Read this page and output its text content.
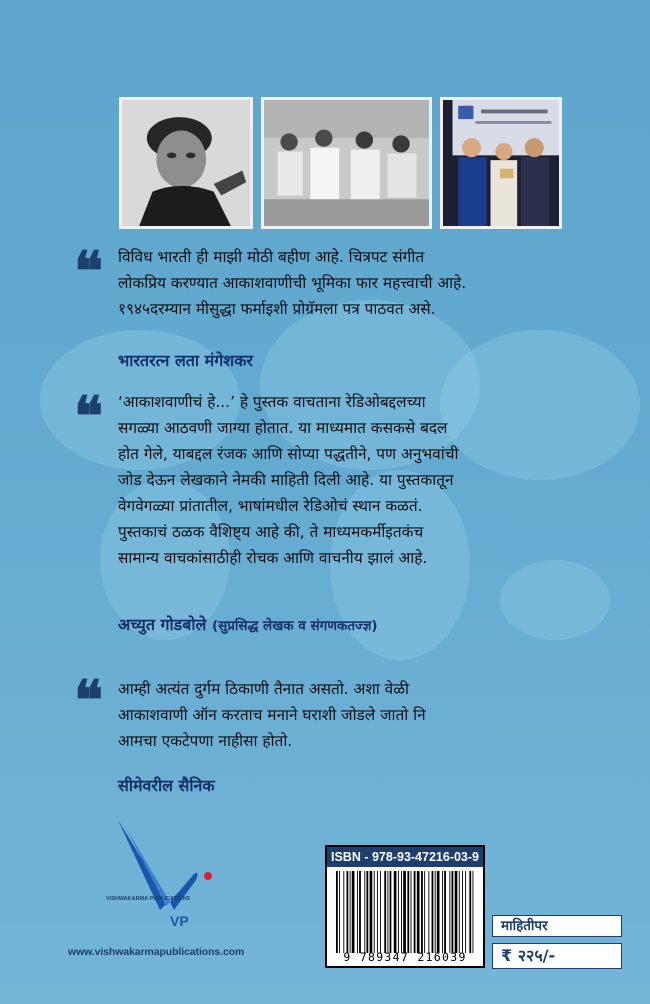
❝ विविध भारती ही माझी मोठी बहीण आहे. चित्रपट संगीत
लोकप्रिय करण्यात आकाशवाणीची भूमिका फार महत्त्वाची आहे.
१९४५दरम्यान मीसुद्धा फर्माइशी प्रोग्रॅमला पत्र पाठवत असे.
भारतरत्न लता मंगेशकर
❝ ‘आकाशवाणीचं हे...’ हे पुस्तक वाचताना रेडिओबद्दलच्या
सगळ्या आठवणी जाग्या होतात. या माध्यमात कसकसे बदल
होत गेले, याबद्दल रंजक आणि सोप्या पद्धतीने, पण अनुभवांची
जोड देऊन लेखकाने नेमकी माहिती दिली आहे. या पुस्तकातून
वेगवेगळ्या प्रांतातील, भाषांमधील रेडिओचं स्थान कळतं.
पुस्तकाचं ठळक वैशिष्ट्य आहे की, ते माध्यमकर्मीइतकंच
सामान्य वाचकांसाठीही रोचक आणि वाचनीय झालं आहे.
अच्युत गोडबोले (सुप्रसिद्ध लेखक व संगणकतज्ज्ञ)
❝ आम्ही अत्यंत दुर्गम ठिकाणी तैनात असतो. अशा वेळी
आकाशवाणी ऑन करताच मनाने घराशी जोडले जातो नि
आमचा एकटेपणा नाहीसा होतो.
सीमेवरील सैनिक
VISHWAKARMA PUBLICATIONS
VP
www.vishwakarmapublications.com
ISBN - 978-93-47216-03-9
9 789347 216039
माहितीपर
₹ २२५/-
